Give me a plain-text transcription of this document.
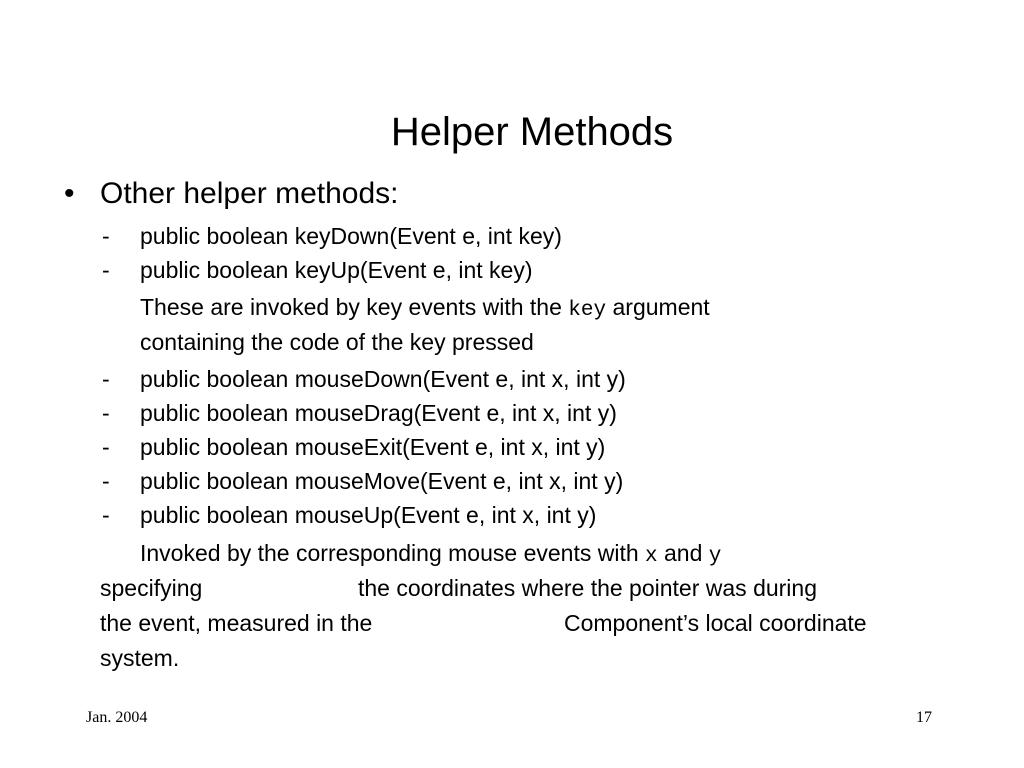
Helper Methods
• Other helper methods:
- public boolean keyDown(Event e, int key)
- public boolean keyUp(Event e, int key)
These are invoked by key events with the key argument
containing the code of the key pressed
- public boolean mouseDown(Event e, int x, int y)
- public boolean mouseDrag(Event e, int x, int y)
- public boolean mouseExit(Event e, int x, int y)
- public boolean mouseMove(Event e, int x, int y)
- public boolean mouseUp(Event e, int x, int y)
Invoked by the corresponding mouse events with x and y
specifying	the coordinates where the pointer was during
the event, measured in the	Component’s local coordinate
system.
Jan. 2004	17
